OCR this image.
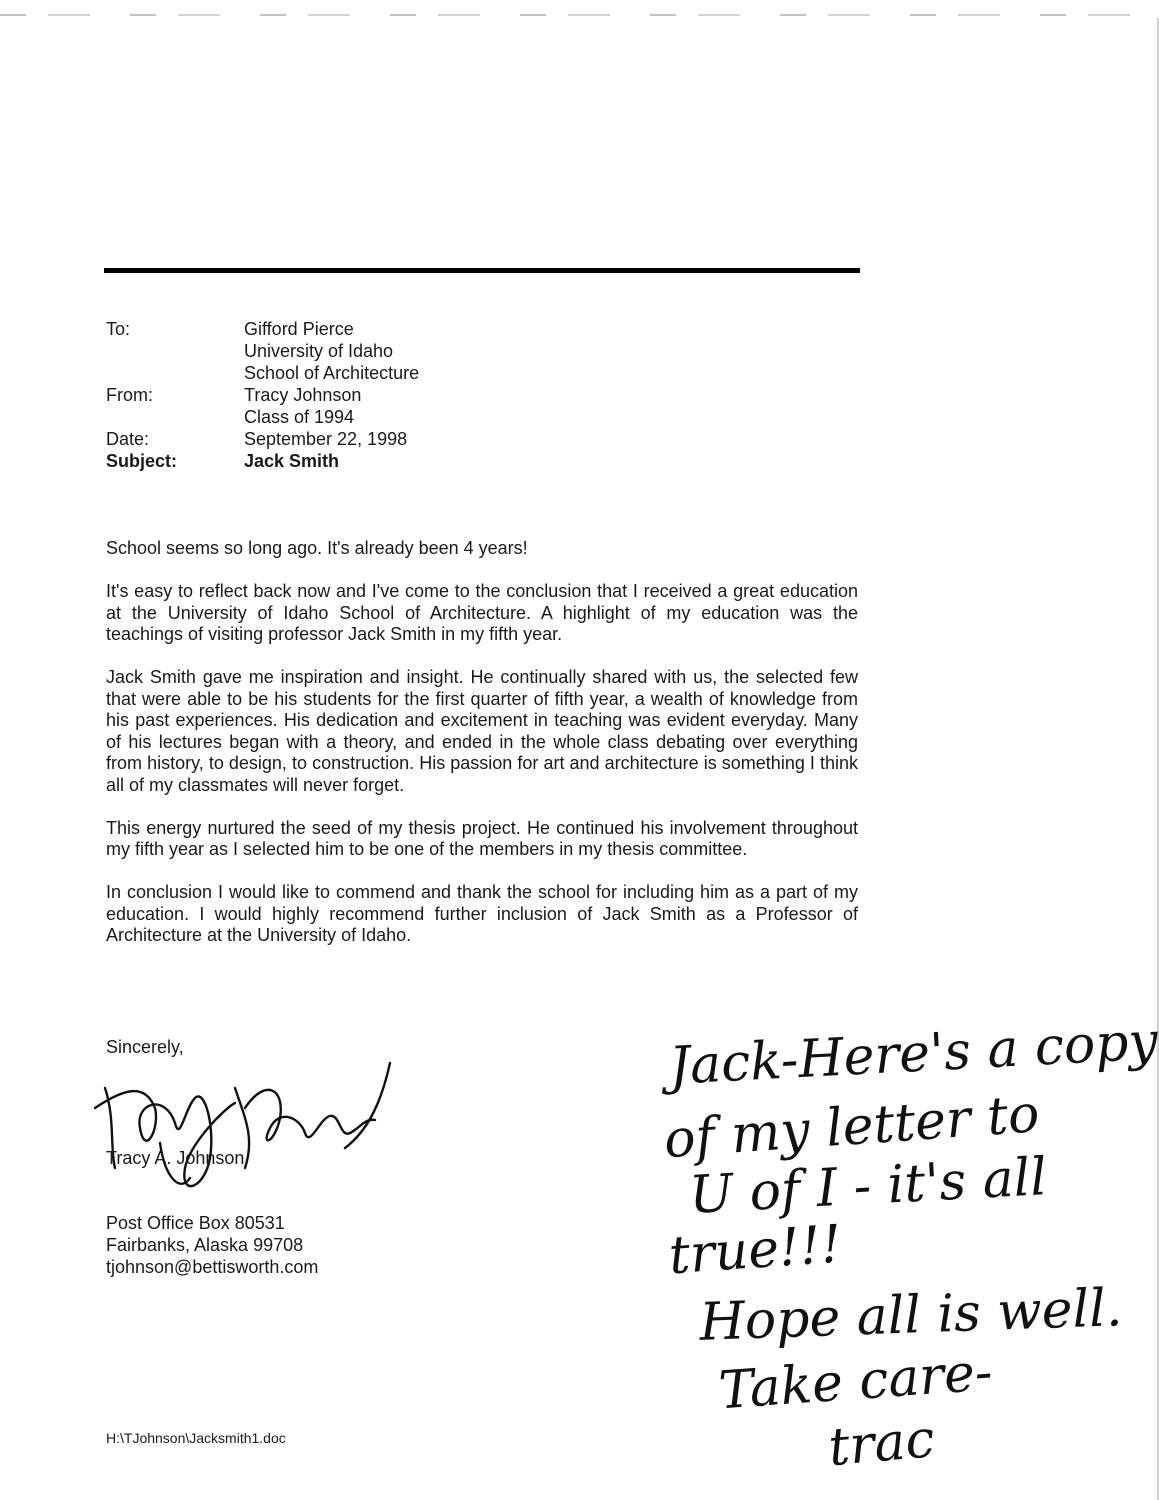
To:	Gifford Pierce
University of Idaho
School of Architecture
From:	Tracy Johnson
Class of 1994
Date:	September 22, 1998
Subject:	Jack Smith

School seems so long ago. It's already been 4 years!

It's easy to reflect back now and I've come to the conclusion that I received a great education at the University of Idaho School of Architecture. A highlight of my education was the teachings of visiting professor Jack Smith in my fifth year.

Jack Smith gave me inspiration and insight. He continually shared with us, the selected few that were able to be his students for the first quarter of fifth year, a wealth of knowledge from his past experiences. His dedication and excitement in teaching was evident everyday. Many of his lectures began with a theory, and ended in the whole class debating over everything from history, to design, to construction. His passion for art and architecture is something I think all of my classmates will never forget.

This energy nurtured the seed of my thesis project. He continued his involvement throughout my fifth year as I selected him to be one of the members in my thesis committee.

In conclusion I would like to commend and thank the school for including him as a part of my education. I would highly recommend further inclusion of Jack Smith as a Professor of Architecture at the University of Idaho.

Sincerely,
Tracy A. Johnson
Post Office Box 80531
Fairbanks, Alaska 99708
tjohnson@bettisworth.com
Jack-Here's a copy
of my letter to
U of I - it's all
true!!!
Hope all is well.
Take care-
trac
H:\TJohnson\Jacksmith1.doc
